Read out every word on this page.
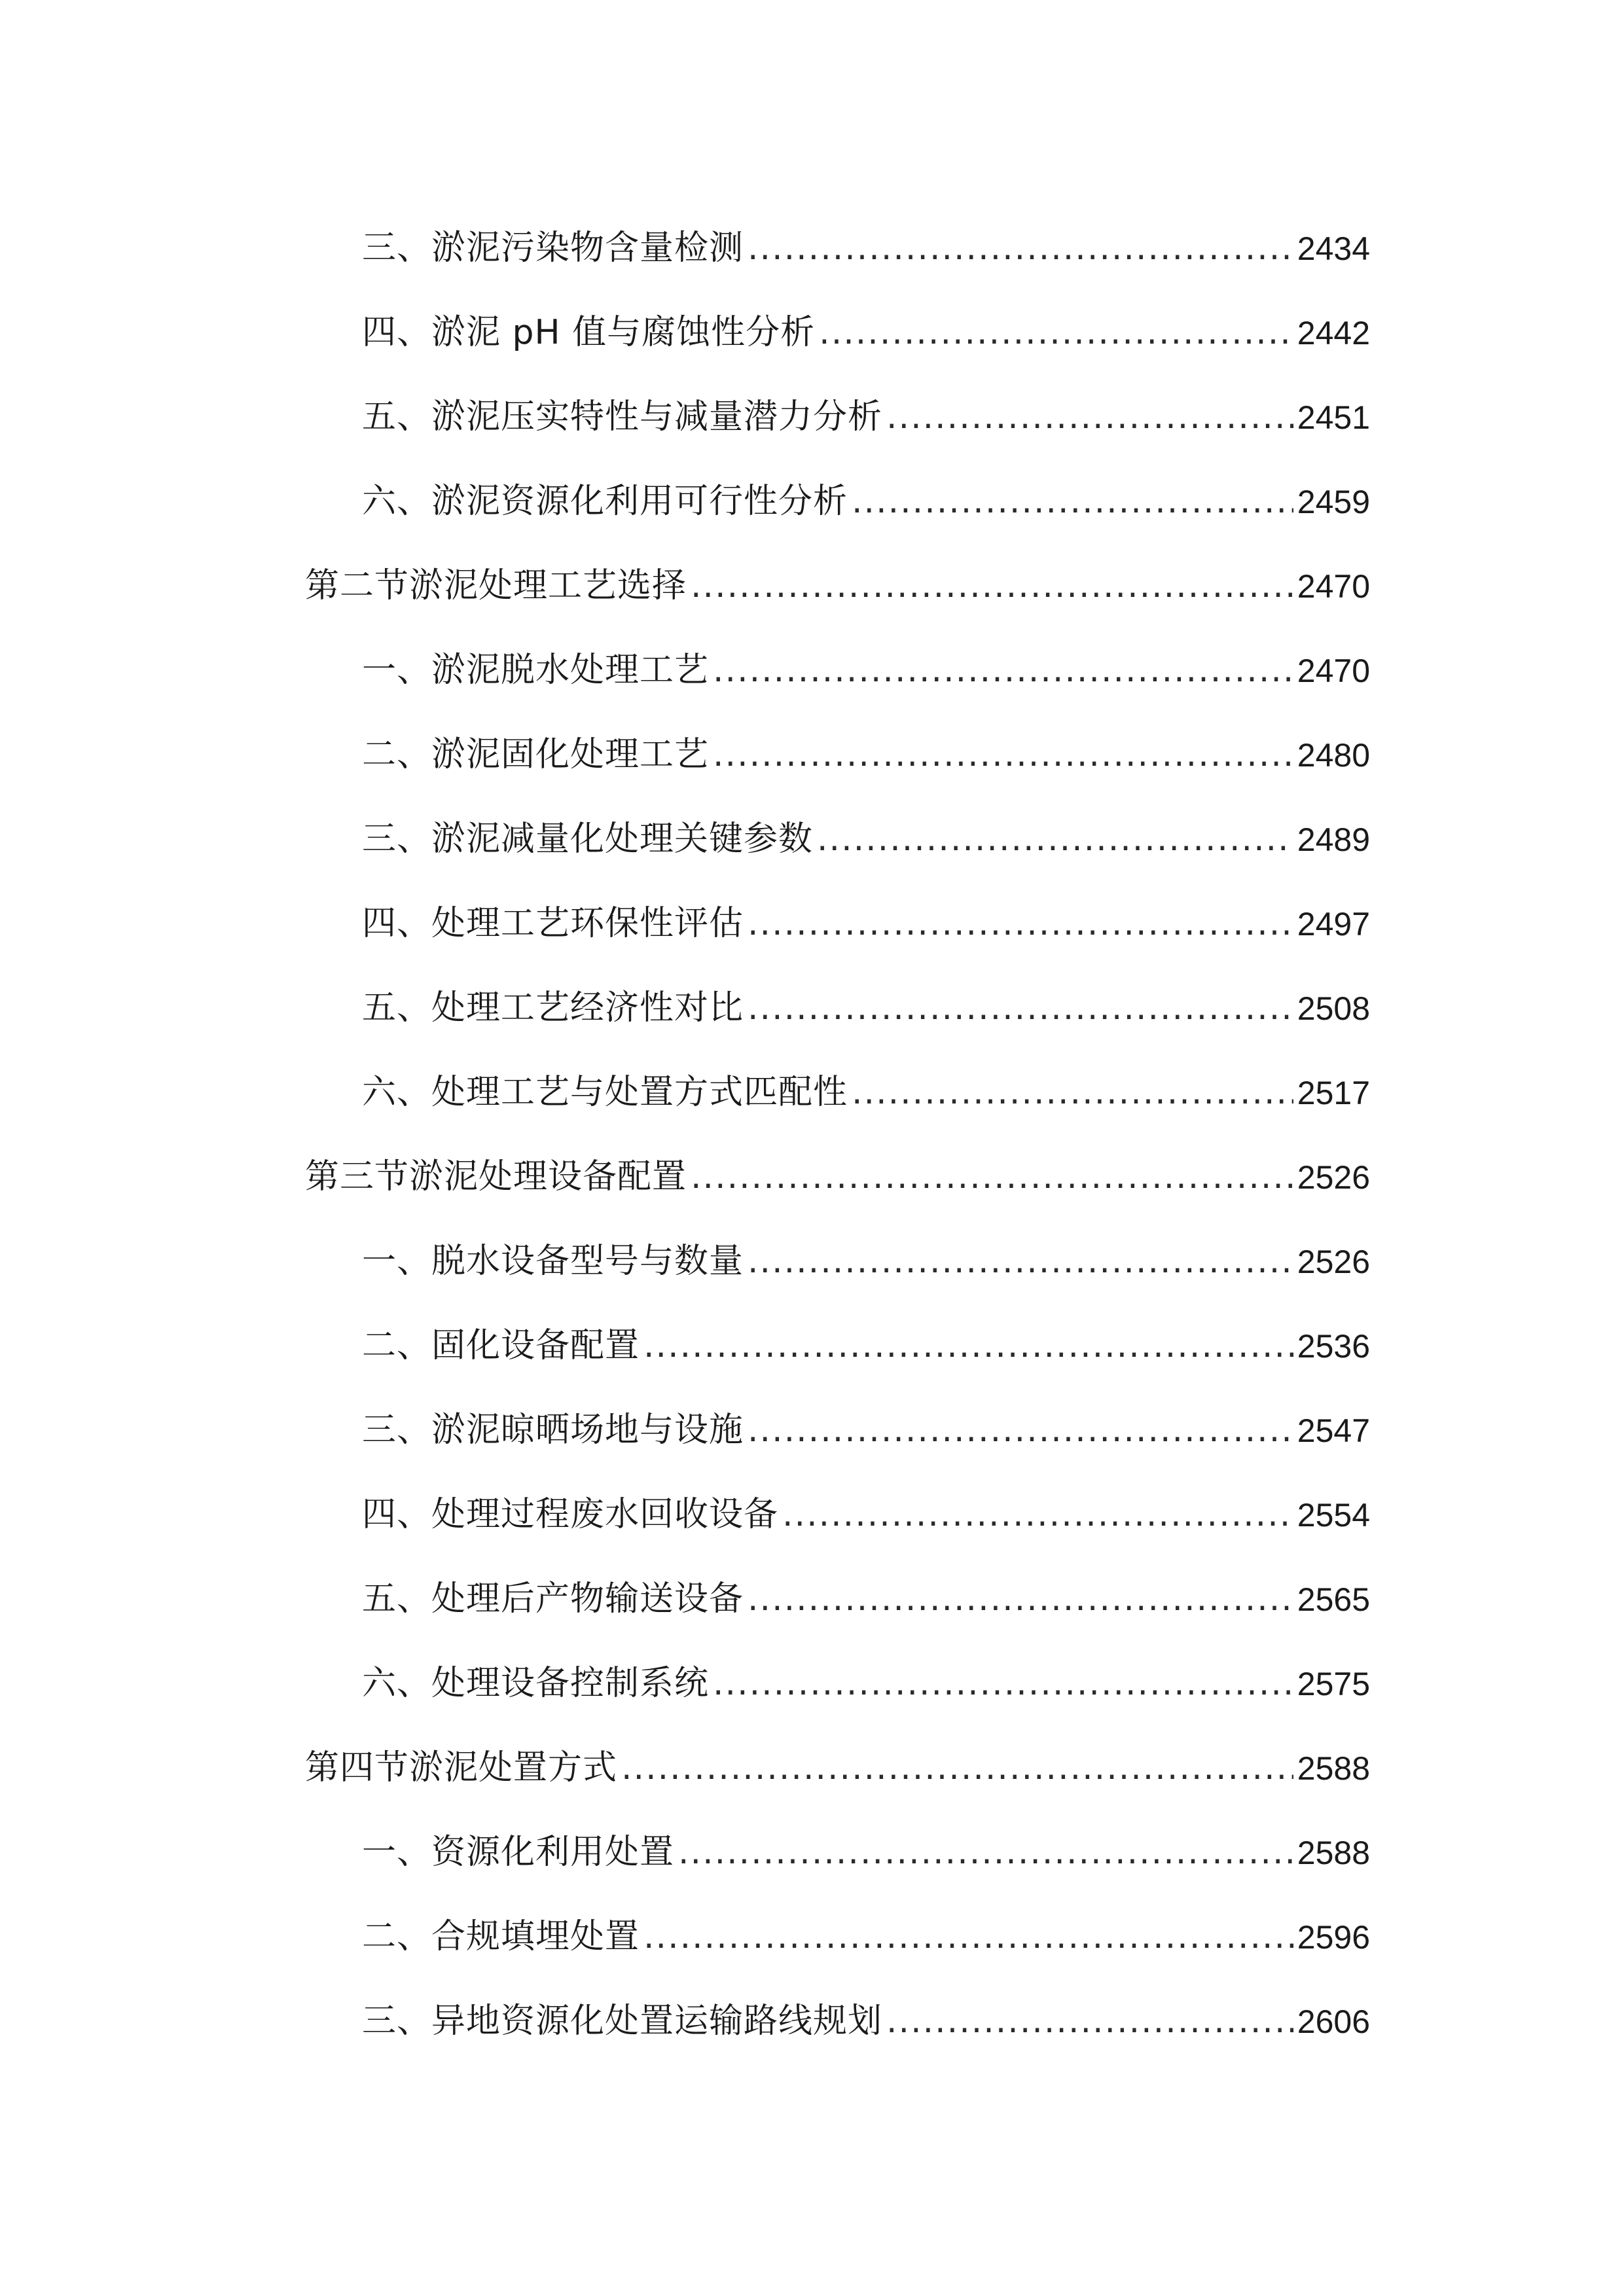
三、淤泥污染物含量检测 .....	2434
四、淤泥 pH 值与腐蚀性分析 .....	2442
五、淤泥压实特性与减量潜力分析 .....	2451
六、淤泥资源化利用可行性分析 .....	2459
第二节淤泥处理工艺选择 .....	2470
一、淤泥脱水处理工艺 .....	2470
二、淤泥固化处理工艺 .....	2480
三、淤泥减量化处理关键参数 .....	2489
四、处理工艺环保性评估 .....	2497
五、处理工艺经济性对比 .....	2508
六、处理工艺与处置方式匹配性 .....	2517
第三节淤泥处理设备配置 .....	2526
一、脱水设备型号与数量 .....	2526
二、固化设备配置 .....	2536
三、淤泥晾晒场地与设施 .....	2547
四、处理过程废水回收设备 .....	2554
五、处理后产物输送设备 .....	2565
六、处理设备控制系统 .....	2575
第四节淤泥处置方式 .....	2588
一、资源化利用处置 .....	2588
二、合规填埋处置 .....	2596
三、异地资源化处置运输路线规划 .....	2606
